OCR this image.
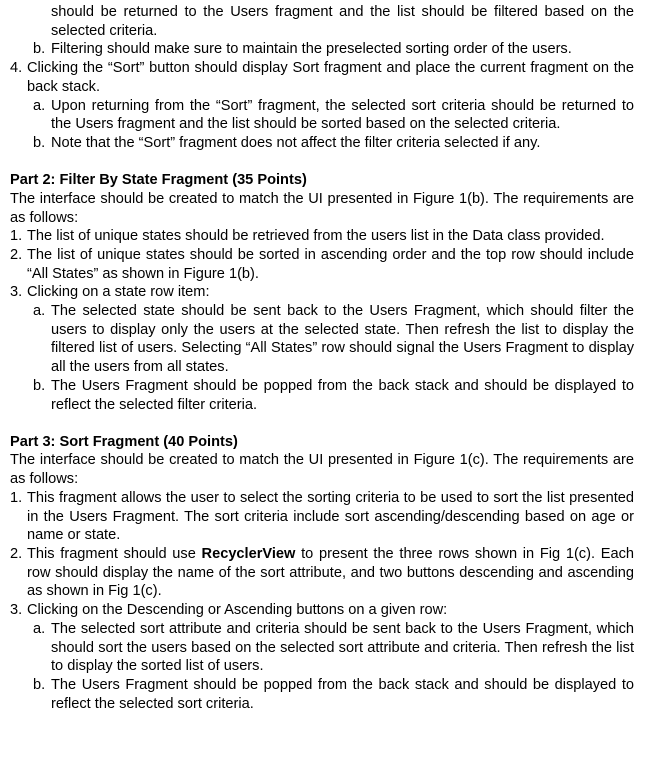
should be returned to the Users fragment and the list should be filtered based on the selected criteria.
b. Filtering should make sure to maintain the preselected sorting order of the users.
4. Clicking the “Sort” button should display Sort fragment and place the current fragment on the back stack.
a. Upon returning from the “Sort” fragment, the selected sort criteria should be returned to the Users fragment and the list should be sorted based on the selected criteria.
b. Note that the “Sort” fragment does not affect the filter criteria selected if any.
Part 2: Filter By State Fragment (35 Points)

The interface should be created to match the UI presented in Figure 1(b). The requirements are as follows:

1. The list of unique states should be retrieved from the users list in the Data class provided.
2. The list of unique states should be sorted in ascending order and the top row should include “All States” as shown in Figure 1(b).
3. Clicking on a state row item:
a. The selected state should be sent back to the Users Fragment, which should filter the users to display only the users at the selected state. Then refresh the list to display the filtered list of users. Selecting “All States” row should signal the Users Fragment to display all the users from all states.
b. The Users Fragment should be popped from the back stack and should be displayed to reflect the selected filter criteria.
Part 3: Sort Fragment (40 Points)

The interface should be created to match the UI presented in Figure 1(c). The requirements are as follows:

1. This fragment allows the user to select the sorting criteria to be used to sort the list presented in the Users Fragment. The sort criteria include sort ascending/descending based on age or name or state.
2. This fragment should use RecyclerView to present the three rows shown in Fig 1(c). Each row should display the name of the sort attribute, and two buttons descending and ascending as shown in Fig 1(c).
3. Clicking on the Descending or Ascending buttons on a given row:
a. The selected sort attribute and criteria should be sent back to the Users Fragment, which should sort the users based on the selected sort attribute and criteria. Then refresh the list to display the sorted list of users.
b. The Users Fragment should be popped from the back stack and should be displayed to reflect the selected sort criteria.
